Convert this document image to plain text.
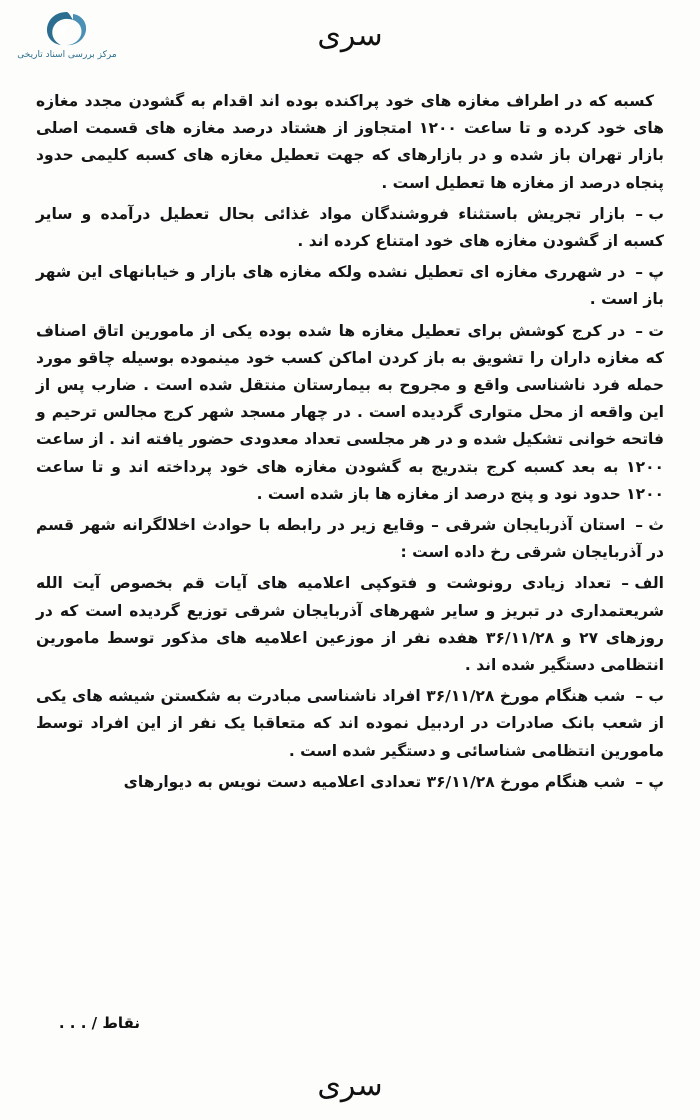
مرکز بررسی اسناد تاریخی
سری

کسبه که در اطراف مغازه های خود پراکنده بوده اند اقدام به گشودن مجدد مغازه های خود کرده و تا ساعت ۱۲۰۰ امتجاوز از هشتاد درصد مغازه های قسمت اصلی بازار تهران باز شده و در بازارهای که جهت تعطیل مغازه های کسبه کلیمی حدود پنجاه درصد از مغازه ها تعطیل است .

ب –بازار تجریش باستثناء فروشندگان مواد غذائی بحال تعطیل درآمده و سایر کسبه از گشودن مغازه های خود امتناع کرده اند .

پ –در شهرری مغازه ای تعطیل نشده ولکه مغازه های بازار و خیابانهای این شهر باز است .

ت –در کرج کوشش برای تعطیل مغازه ها شده بوده یکی از مامورین اتاق اصناف که مغازه داران را تشویق به باز کردن اماکن کسب خود مینموده بوسیله چاقو مورد حمله فرد ناشناسی واقع و مجروح به بیمارستان منتقل شده است . ضارب پس از این واقعه از محل متواری گردیده است . در چهار مسجد شهر کرج مجالس ترحیم و فاتحه خوانی تشکیل شده و در هر مجلسی تعداد معدودی حضور یافته اند . از ساعت ۱۲۰۰ به بعد کسبه کرج بتدریج به گشودن مغازه های خود پرداخته اند و تا ساعت ۱۲۰۰ حدود نود و پنج درصد از مغازه ها باز شده است .

ث –استان آذربایجان شرقی – وقایع زیر در رابطه با حوادث اخلالگرانه شهر قسم در آذربایجان شرقی رخ داده است :

الف –تعداد زیادی رونوشت و فتوکپی اعلامیه های آیات قم بخصوص آیت الله شریعتمداری در تبریز و سایر شهرهای آذربایجان شرقی توزیع گردیده است که در روزهای ۲۷ و ۳۶/۱۱/۲۸ هفده نفر از موزعین اعلامیه های مذکور توسط مامورین انتظامی دستگیر شده اند .

ب –شب هنگام مورخ ۳۶/۱۱/۲۸ افراد ناشناسی مبادرت به شکستن شیشه های یکی از شعب بانک صادرات در اردبیل نموده اند که متعاقبا یک نفر از این افراد توسط مامورین انتظامی شناسائی و دستگیر شده است .

پ –شب هنگام مورخ ۳۶/۱۱/۲۸ تعدادی اعلامیه دست نویس به دیوارهای

نقاط / . . .
سری
